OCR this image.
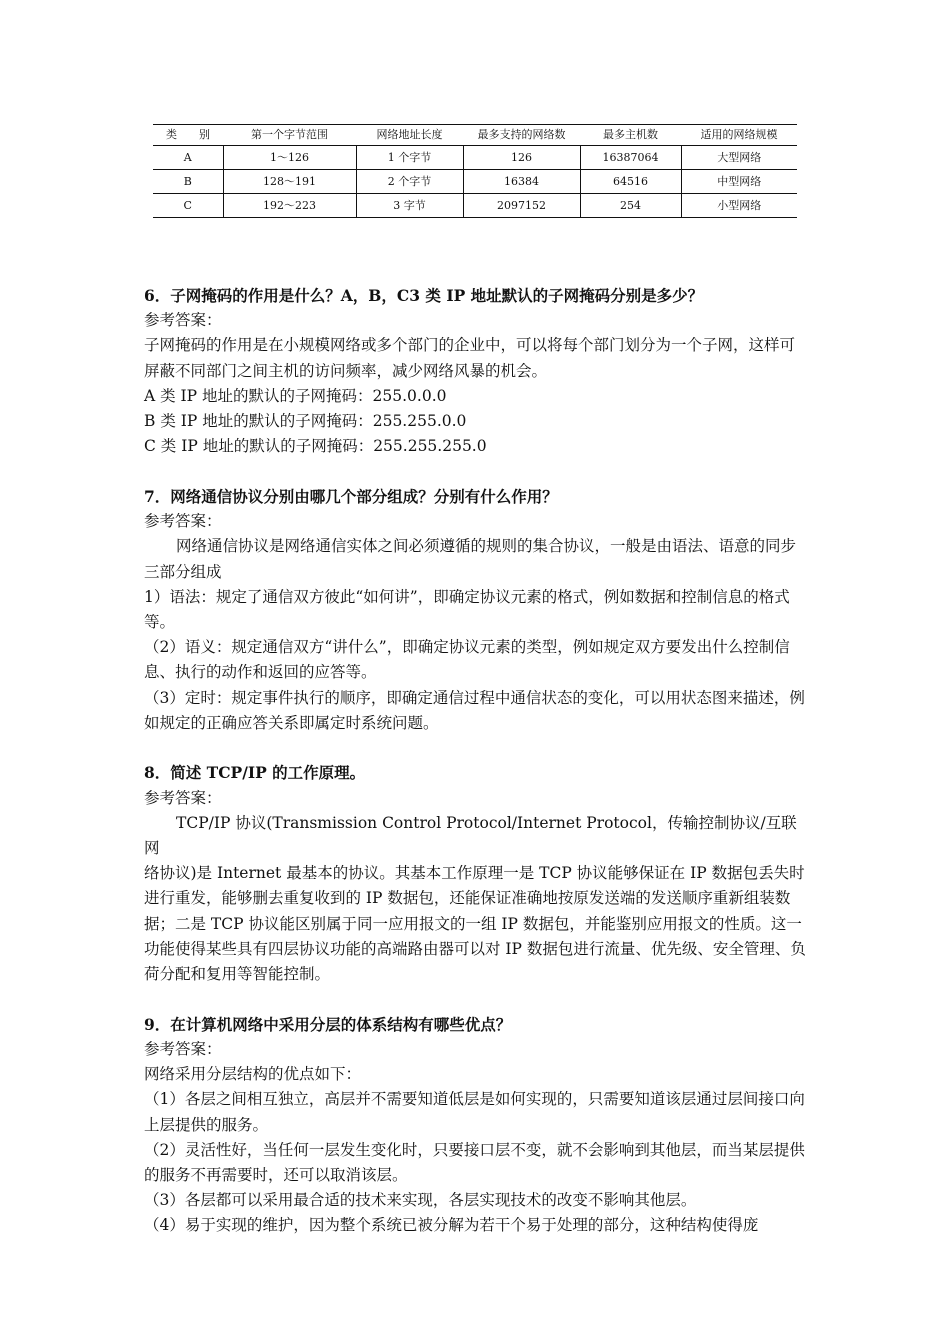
类　　别	第一个字节范围	网络地址长度	最多支持的网络数	最多主机数	适用的网络规模
A	1～126	1 个字节	126	16387064	大型网络
B	128～191	2 个字节	16384	64516	中型网络
C	192～223	3 字节	2097152	254	小型网络

6．子网掩码的作用是什么？A，B，C3 类 IP 地址默认的子网掩码分别是多少？

参考答案：

子网掩码的作用是在小规模网络或多个部门的企业中，可以将每个部门划分为一个子网，这样可屏蔽不同部门之间主机的访问频率，减少网络风暴的机会。

A 类 IP 地址的默认的子网掩码：255.0.0.0

B 类 IP 地址的默认的子网掩码：255.255.0.0

C 类 IP 地址的默认的子网掩码：255.255.255.0

7．网络通信协议分别由哪几个部分组成？分别有什么作用？

参考答案：

网络通信协议是网络通信实体之间必须遵循的规则的集合协议，一般是由语法、语意的同步三部分组成

1）语法：规定了通信双方彼此“如何讲”，即确定协议元素的格式，例如数据和控制信息的格式等。

（2）语义：规定通信双方“讲什么”，即确定协议元素的类型，例如规定双方要发出什么控制信息、执行的动作和返回的应答等。

（3）定时：规定事件执行的顺序，即确定通信过程中通信状态的变化，可以用状态图来描述，例如规定的正确应答关系即属定时系统问题。

8．简述 TCP/IP 的工作原理。

参考答案：

TCP/IP 协议(Transmission Control Protocol/Internet Protocol，传输控制协议/互联网

络协议)是 Internet 最基本的协议。其基本工作原理一是 TCP 协议能够保证在 IP 数据包丢失时进行重发，能够删去重复收到的 IP 数据包，还能保证准确地按原发送端的发送顺序重新组装数据；二是 TCP 协议能区别属于同一应用报文的一组 IP 数据包，并能鉴别应用报文的性质。这一功能使得某些具有四层协议功能的高端路由器可以对 IP 数据包进行流量、优先级、安全管理、负荷分配和复用等智能控制。

9．在计算机网络中采用分层的体系结构有哪些优点？

参考答案：

网络采用分层结构的优点如下：

（1）各层之间相互独立，高层并不需要知道低层是如何实现的，只需要知道该层通过层间接口向上层提供的服务。

（2）灵活性好，当任何一层发生变化时，只要接口层不变，就不会影响到其他层，而当某层提供的服务不再需要时，还可以取消该层。

（3）各层都可以采用最合适的技术来实现，各层实现技术的改变不影响其他层。

（4）易于实现的维护，因为整个系统已被分解为若干个易于处理的部分，这种结构使得庞
